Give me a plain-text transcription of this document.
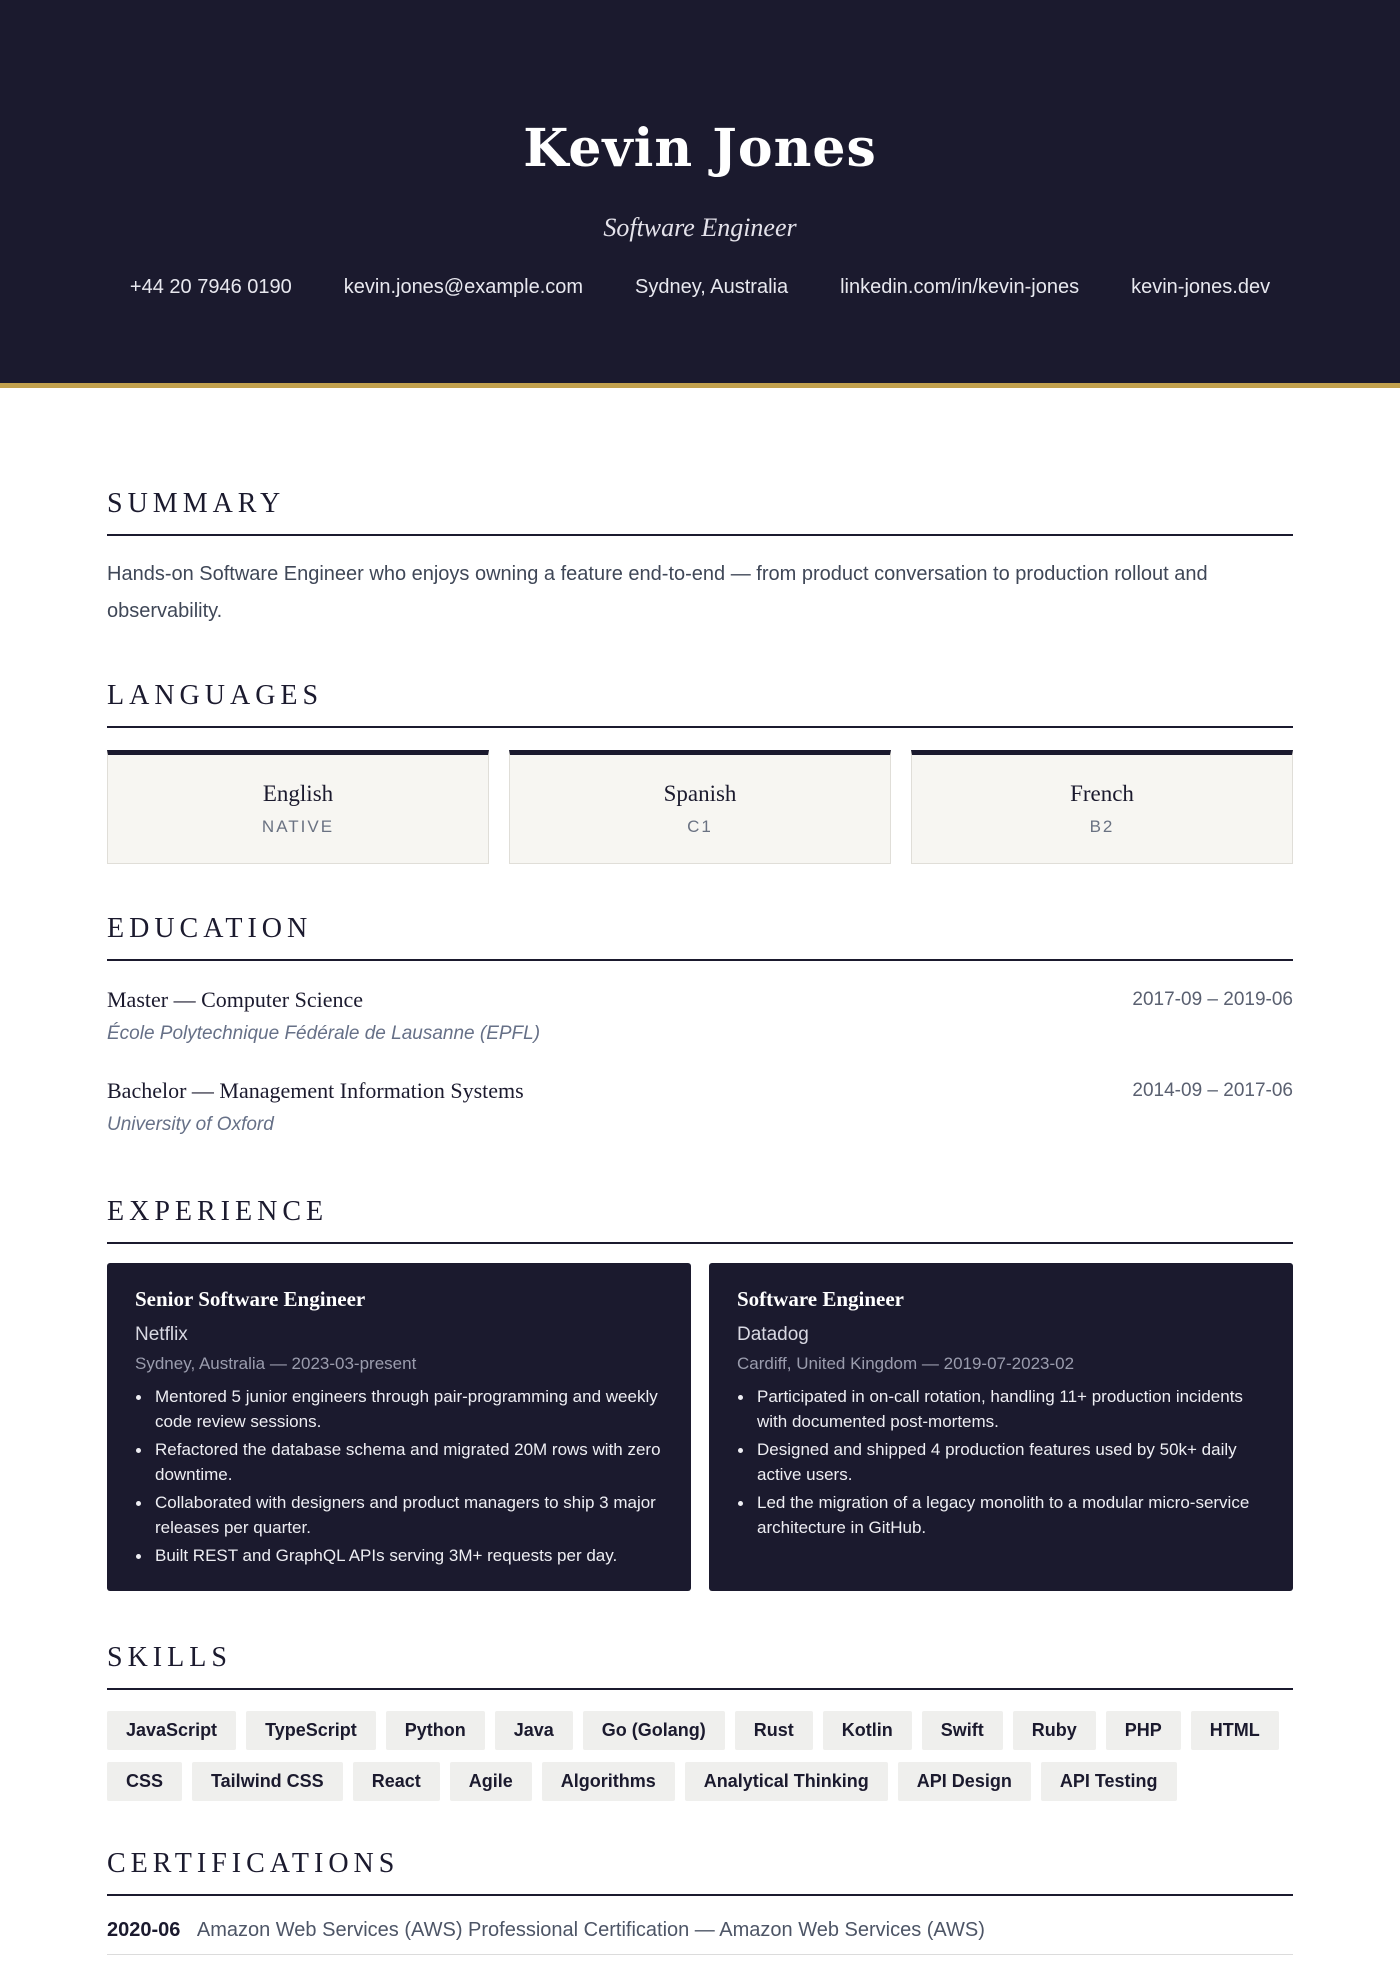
Kevin Jones
Software Engineer
+44 20 7946 0190	kevin.jones@example.com	Sydney, Australia	linkedin.com/in/kevin-jones	kevin-jones.dev
SUMMARY
Hands-on Software Engineer who enjoys owning a feature end-to-end — from product conversation to production rollout and observability.
LANGUAGES
English
NATIVE
Spanish
C1
French
B2
EDUCATION
Master — Computer Science
École Polytechnique Fédérale de Lausanne (EPFL)
2017-09 – 2019-06
Bachelor — Management Information Systems
University of Oxford
2014-09 – 2017-06
EXPERIENCE
Senior Software Engineer
Netflix
Sydney, Australia — 2023-03-present
Mentored 5 junior engineers through pair-programming and weekly code review sessions.
Refactored the database schema and migrated 20M rows with zero downtime.
Collaborated with designers and product managers to ship 3 major releases per quarter.
Built REST and GraphQL APIs serving 3M+ requests per day.
Software Engineer
Datadog
Cardiff, United Kingdom — 2019-07-2023-02
Participated in on-call rotation, handling 11+ production incidents with documented post-mortems.
Designed and shipped 4 production features used by 50k+ daily active users.
Led the migration of a legacy monolith to a modular micro-service architecture in GitHub.
SKILLS
JavaScript	TypeScript	Python	Java	Go (Golang)	Rust	Kotlin	Swift	Ruby	PHP	HTML
CSS	Tailwind CSS	React	Agile	Algorithms	Analytical Thinking	API Design	API Testing
CERTIFICATIONS
2020-06 Amazon Web Services (AWS) Professional Certification — Amazon Web Services (AWS)
